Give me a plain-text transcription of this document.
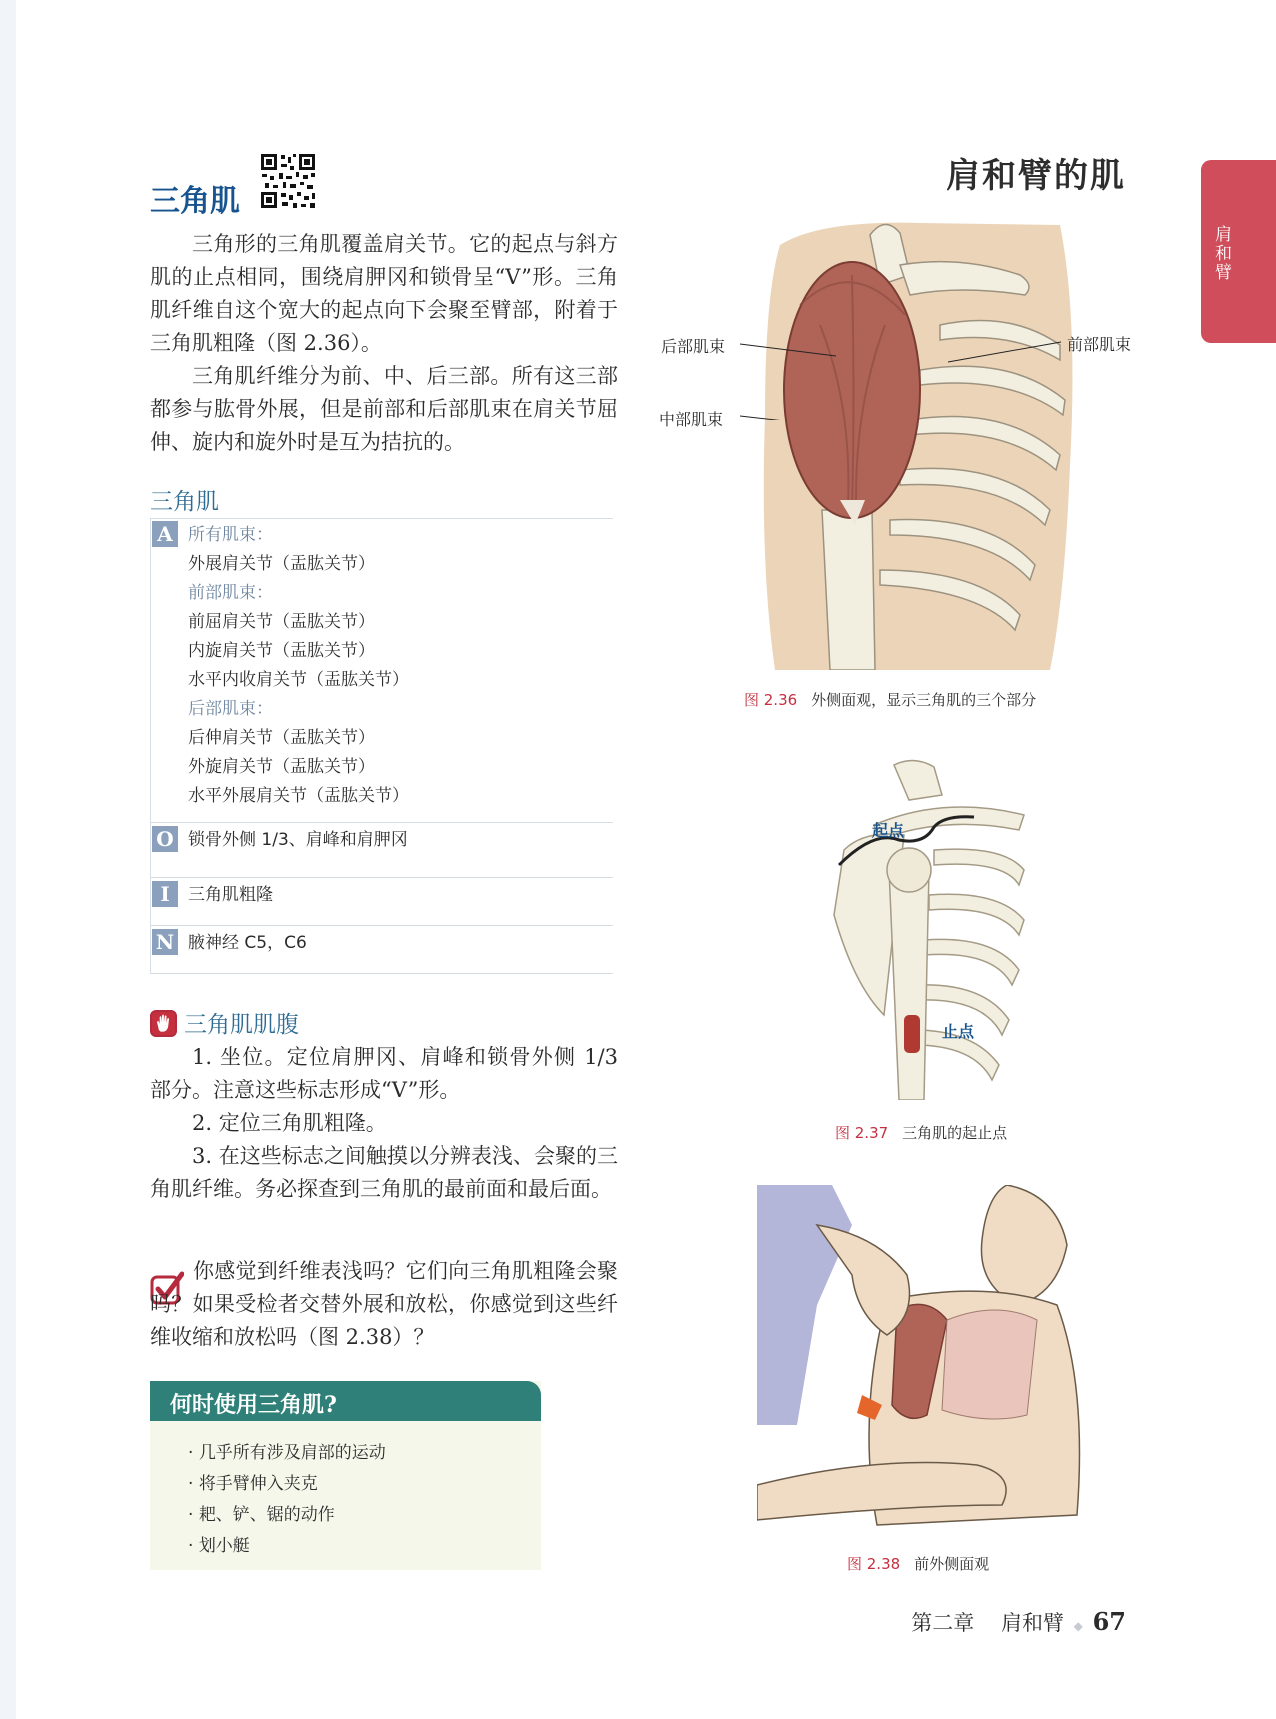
三角肌
肩和臂的肌
肩和臂

三角形的三角肌覆盖肩关节。它的起点与斜方肌的止点相同，围绕肩胛冈和锁骨呈“V”形。三角肌纤维自这个宽大的起点向下会聚至臂部，附着于三角肌粗隆（图 2.36）。

三角肌纤维分为前、中、后三部。所有这三部都参与肱骨外展，但是前部和后部肌束在肩关节屈伸、旋内和旋外时是互为拮抗的。

三角肌
A 所有肌束：
外展肩关节（盂肱关节）
前部肌束：
前屈肩关节（盂肱关节）
内旋肩关节（盂肱关节）
水平内收肩关节（盂肱关节）
后部肌束：
后伸肩关节（盂肱关节）
外旋肩关节（盂肱关节）
水平外展肩关节（盂肱关节）
O 锁骨外侧 1/3、肩峰和肩胛冈
I	三角肌粗隆
N 腋神经 C5，C6
三角肌肌腹

1. 坐位。定位肩胛冈、肩峰和锁骨外侧 1/3 部分。注意这些标志形成“V”形。

2. 定位三角肌粗隆。

3. 在这些标志之间触摸以分辨表浅、会聚的三角肌纤维。务必探查到三角肌的最前面和最后面。

你感觉到纤维表浅吗？它们向三角肌粗隆会聚吗？如果受检者交替外展和放松，你感觉到这些纤维收缩和放松吗（图 2.38）？

何时使用三角肌?
· 几乎所有涉及肩部的运动
· 将手臂伸入夹克
· 耙、铲、锯的动作
· 划小艇
后部肌束	前部肌束
中部肌束
图 2.36 外侧面观，显示三角肌的三个部分
起点
止点
图 2.37 三角肌的起止点
图 2.38 前外侧面观
第二章 肩和臂 ◆ 67
